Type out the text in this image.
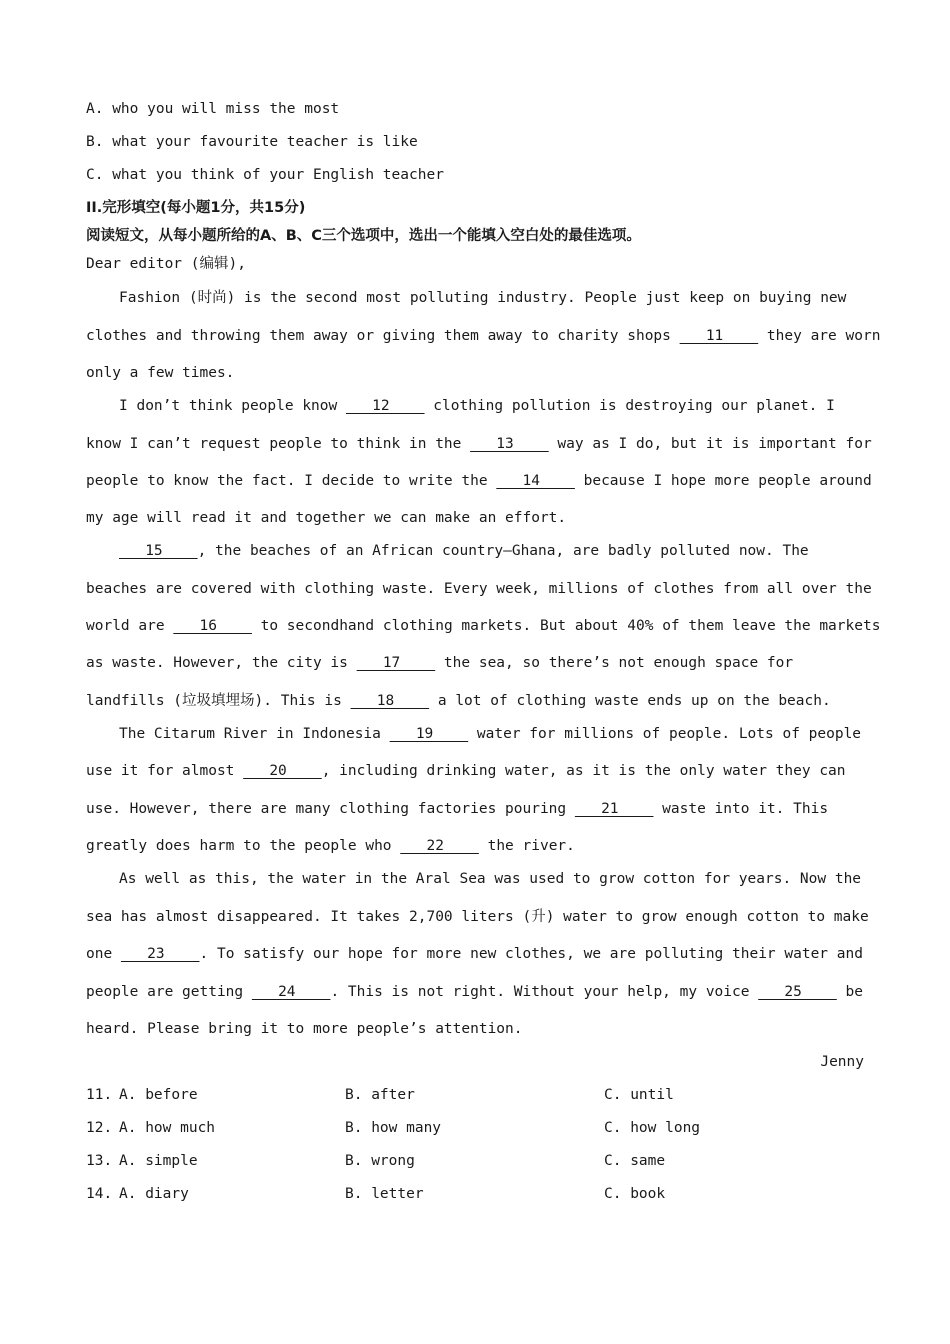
A. who you will miss the most
B. what your favourite teacher is like
C. what you think of your English teacher
II.完形填空(每小题1分，共15分)
阅读短文，从每小题所给的A、B、C三个选项中，选出一个能填入空白处的最佳选项。
Dear editor (编辑),
Fashion (时尚) is the second most polluting industry. People just keep on buying new
clothes and throwing them away or giving them away to charity shops    11     they are worn
only a few times.
I don’t think people know    12     clothing pollution is destroying our planet. I
know I can’t request people to think in the    13     way as I do, but it is important for
people to know the fact. I decide to write the    14     because I hope more people around
my age will read it and together we can make an effort.
15    , the beaches of an African country—Ghana, are badly polluted now. The
beaches are covered with clothing waste. Every week, millions of clothes from all over the
world are    16     to secondhand clothing markets. But about 40% of them leave the markets
as waste. However, the city is    17     the sea, so there’s not enough space for
landfills (垃圾填埋场). This is    18     a lot of clothing waste ends up on the beach.
The Citarum River in Indonesia    19     water for millions of people. Lots of people
use it for almost    20    , including drinking water, as it is the only water they can
use. However, there are many clothing factories pouring    21     waste into it. This
greatly does harm to the people who    22     the river.
As well as this, the water in the Aral Sea was used to grow cotton for years. Now the
sea has almost disappeared. It takes 2,700 liters (升) water to grow enough cotton to make
one    23    . To satisfy our hope for more new clothes, we are polluting their water and
people are getting    24    . This is not right. Without your help, my voice    25     be
heard. Please bring it to more people’s attention.
Jenny
11. A. before	B. after	C. until
12. A. how much	B. how many	C. how long
13. A. simple	B. wrong	C. same
14. A. diary	B. letter	C. book
